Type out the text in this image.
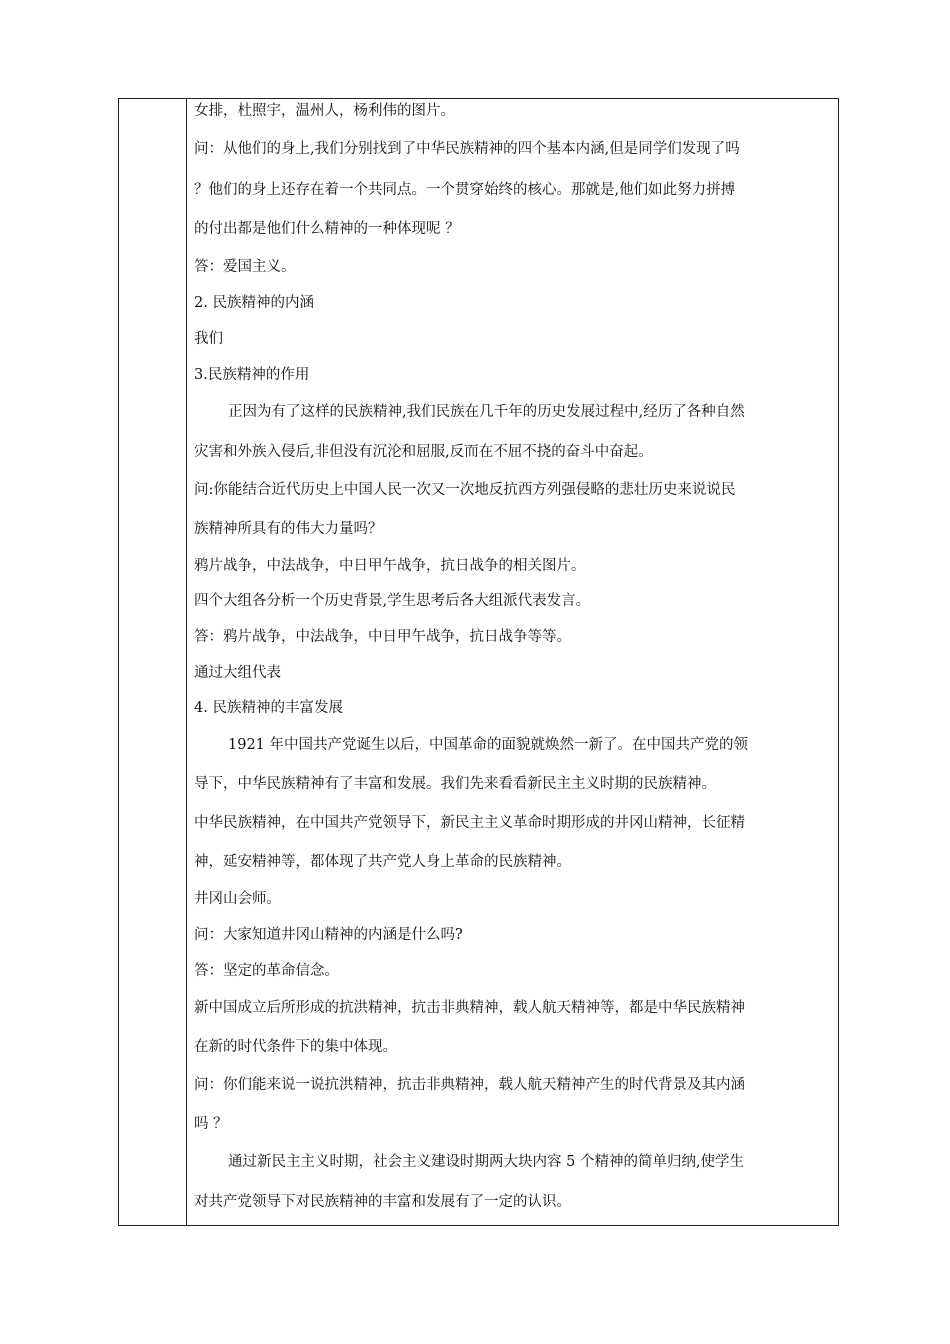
女排，杜照宇，温州人，杨利伟的图片。
问：从他们的身上,我们分别找到了中华民族精神的四个基本内涵,但是同学们发现了吗
？他们的身上还存在着一个共同点。一个贯穿始终的核心。那就是,他们如此努力拼搏
的付出都是他们什么精神的一种体现呢 ？
答：爱国主义。
2. 民族精神的内涵
我们
3.民族精神的作用
正因为有了这样的民族精神,我们民族在几千年的历史发展过程中,经历了各种自然
灾害和外族入侵后,非但没有沉沦和屈服,反而在不屈不挠的奋斗中奋起。
问:你能结合近代历史上中国人民一次又一次地反抗西方列强侵略的悲壮历史来说说民
族精神所具有的伟大力量吗？
鸦片战争，中法战争，中日甲午战争，抗日战争的相关图片。
四个大组各分析一个历史背景,学生思考后各大组派代表发言。
答：鸦片战争，中法战争，中日甲午战争，抗日战争等等。
通过大组代表
4. 民族精神的丰富发展
1921 年中国共产党诞生以后，中国革命的面貌就焕然一新了。在中国共产党的领
导下，中华民族精神有了丰富和发展。我们先来看看新民主主义时期的民族精神。
中华民族精神，在中国共产党领导下，新民主主义革命时期形成的井冈山精神，长征精
神，延安精神等，都体现了共产党人身上革命的民族精神。
井冈山会师。
问：大家知道井冈山精神的内涵是什么吗?
答：坚定的革命信念。
新中国成立后所形成的抗洪精神，抗击非典精神，载人航天精神等，都是中华民族精神
在新的时代条件下的集中体现。
问：你们能来说一说抗洪精神，抗击非典精神，载人航天精神产生的时代背景及其内涵
吗 ？
通过新民主主义时期，社会主义建设时期两大块内容 5 个精神的简单归纳,使学生
对共产党领导下对民族精神的丰富和发展有了一定的认识。
